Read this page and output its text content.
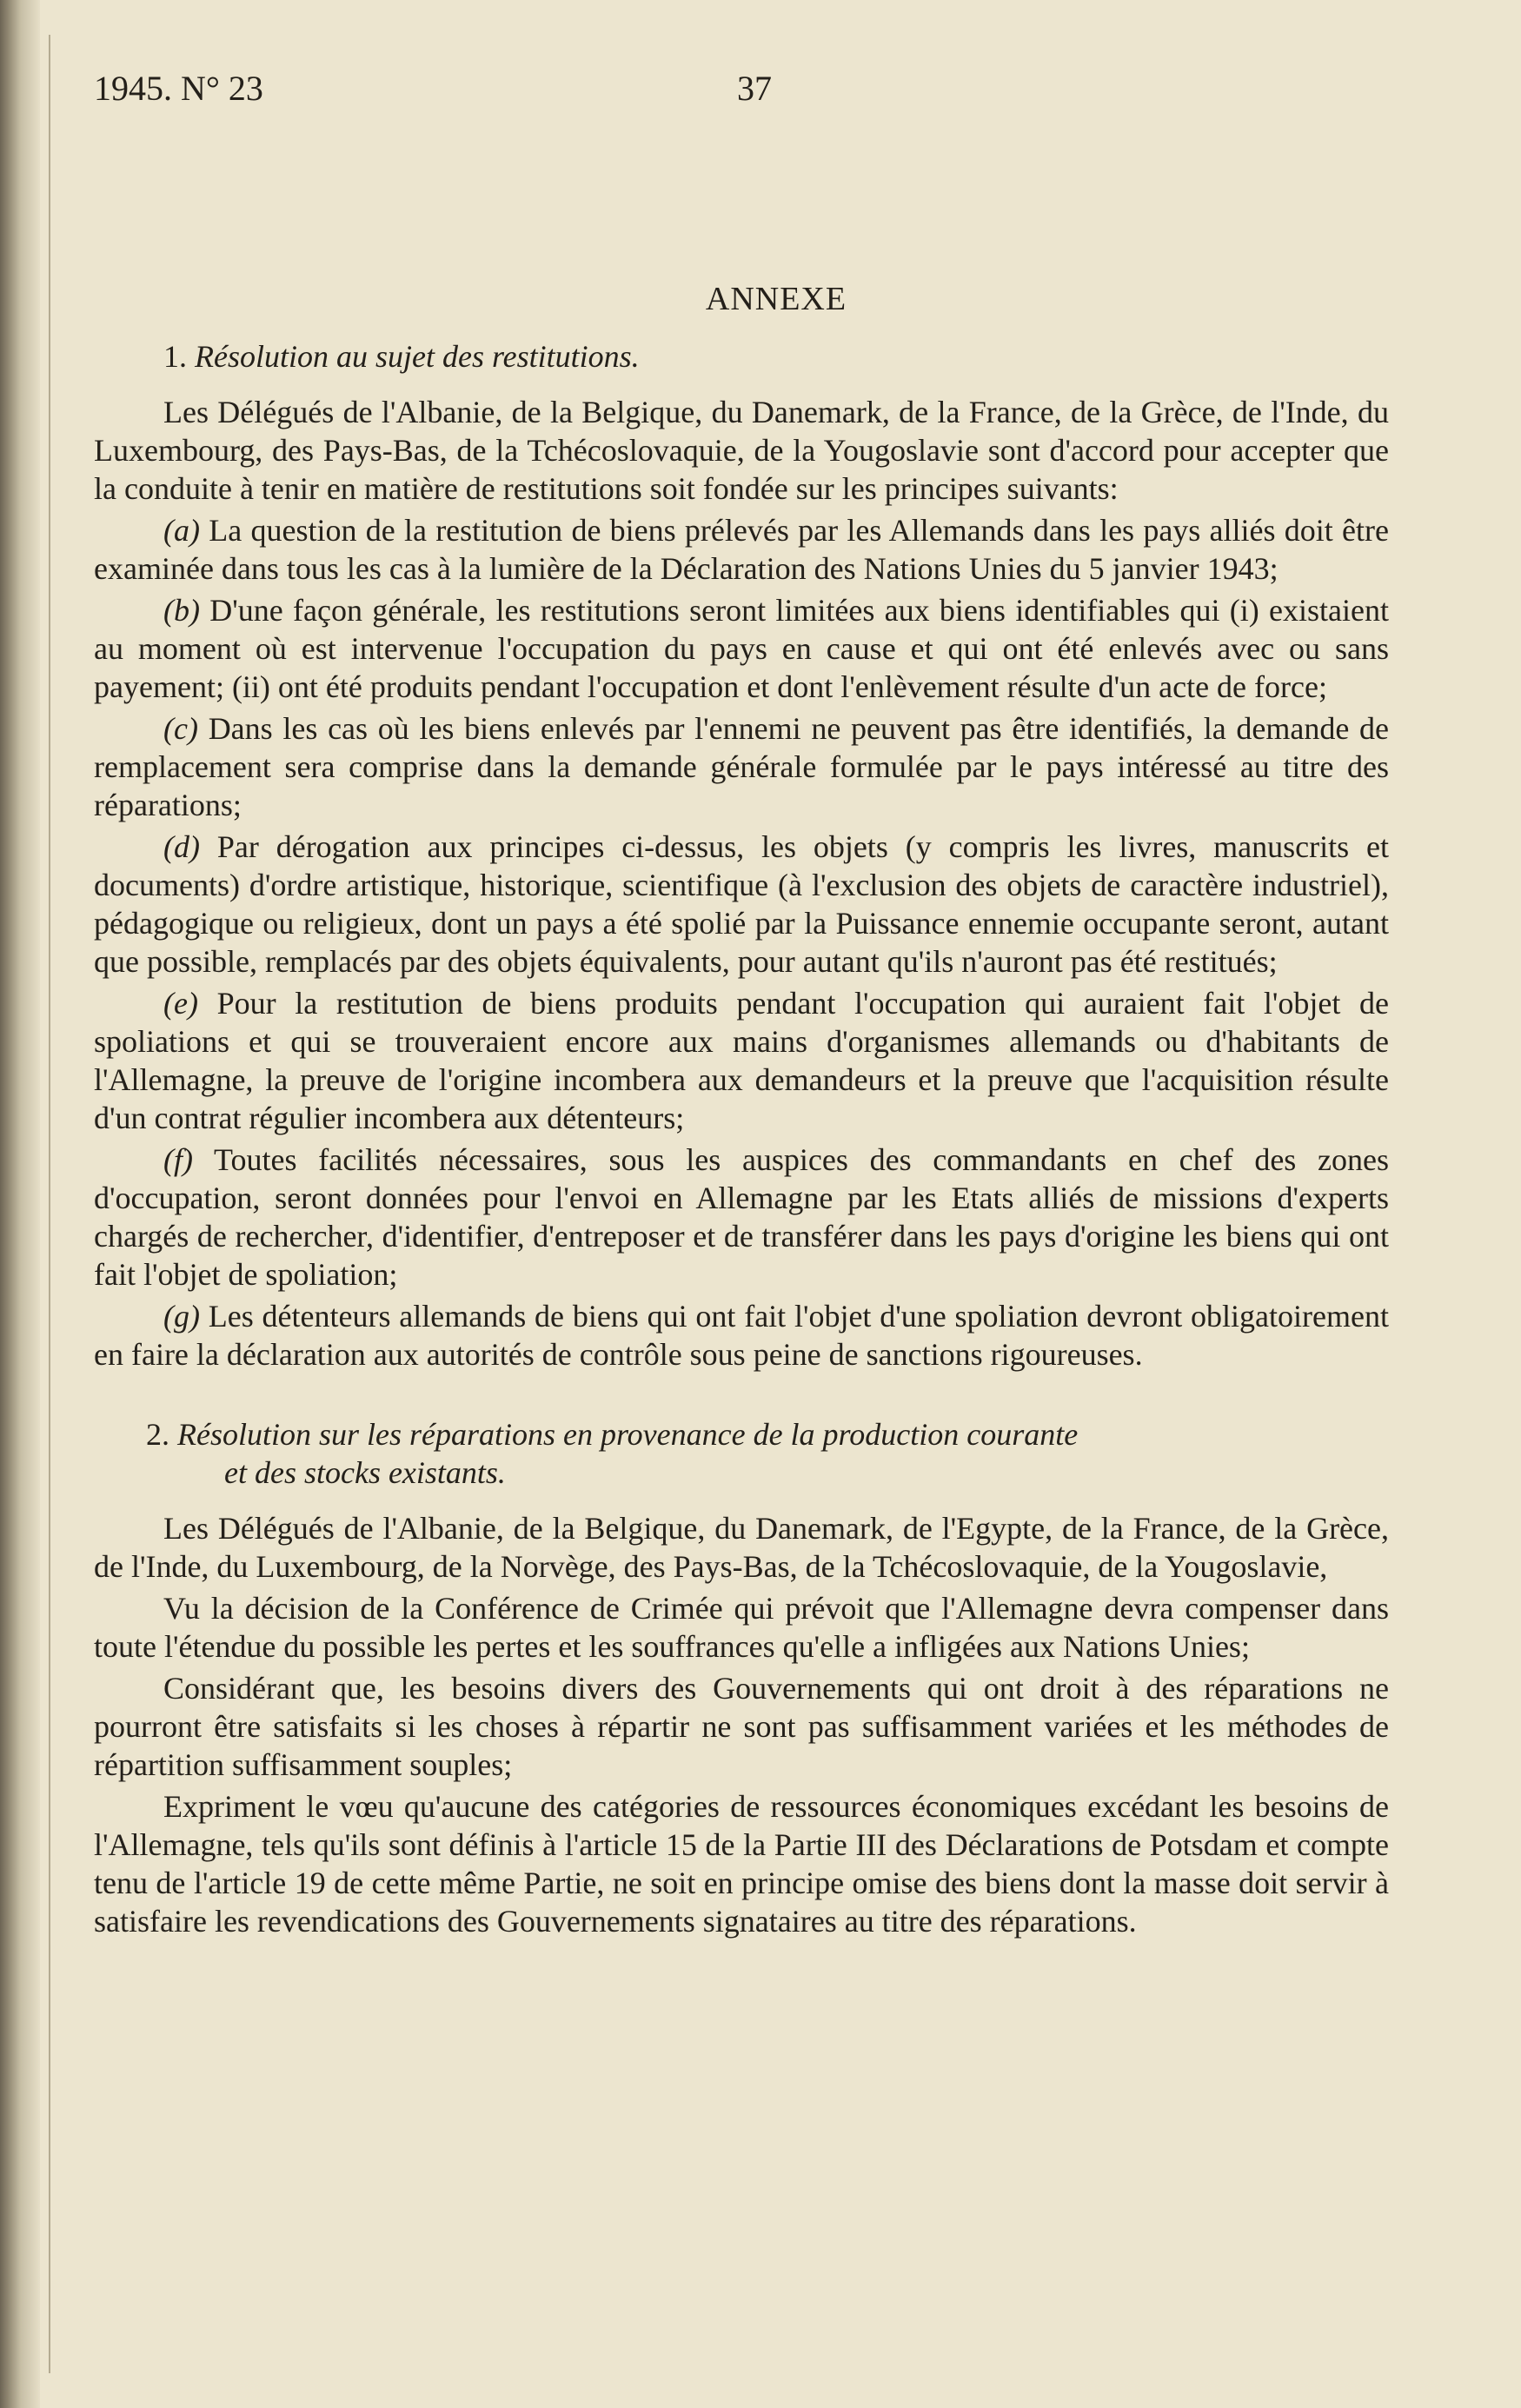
1945. N° 23	37
ANNEXE
1. Résolution au sujet des restitutions.

Les Délégués de l'Albanie, de la Belgique, du Danemark, de la France, de la Grèce, de l'Inde, du Luxembourg, des Pays-Bas, de la Tchécoslovaquie, de la Yougoslavie sont d'accord pour accepter que la conduite à tenir en matière de restitutions soit fondée sur les principes suivants:

(a) La question de la restitution de biens prélevés par les Allemands dans les pays alliés doit être examinée dans tous les cas à la lumière de la Déclaration des Nations Unies du 5 janvier 1943;

(b) D'une façon générale, les restitutions seront limitées aux biens identifiables qui (i) existaient au moment où est intervenue l'occupation du pays en cause et qui ont été enlevés avec ou sans payement; (ii) ont été produits pendant l'occupation et dont l'enlèvement résulte d'un acte de force;

(c) Dans les cas où les biens enlevés par l'ennemi ne peuvent pas être identifiés, la demande de remplacement sera comprise dans la demande générale formulée par le pays intéressé au titre des réparations;

(d) Par dérogation aux principes ci-dessus, les objets (y compris les livres, manuscrits et documents) d'ordre artistique, historique, scientifique (à l'exclusion des objets de caractère industriel), pédagogique ou religieux, dont un pays a été spolié par la Puissance ennemie occupante seront, autant que possible, remplacés par des objets équivalents, pour autant qu'ils n'auront pas été restitués;

(e) Pour la restitution de biens produits pendant l'occupation qui auraient fait l'objet de spoliations et qui se trouveraient encore aux mains d'organismes allemands ou d'habitants de l'Allemagne, la preuve de l'origine incombera aux demandeurs et la preuve que l'acquisition résulte d'un contrat régulier incombera aux détenteurs;

(f) Toutes facilités nécessaires, sous les auspices des commandants en chef des zones d'occupation, seront données pour l'envoi en Allemagne par les Etats alliés de missions d'experts chargés de rechercher, d'identifier, d'entreposer et de transférer dans les pays d'origine les biens qui ont fait l'objet de spoliation;

(g) Les détenteurs allemands de biens qui ont fait l'objet d'une spoliation devront obligatoirement en faire la déclaration aux autorités de contrôle sous peine de sanctions rigoureuses.

2. Résolution sur les réparations en provenance de la production courante
et des stocks existants.

Les Délégués de l'Albanie, de la Belgique, du Danemark, de l'Egypte, de la France, de la Grèce, de l'Inde, du Luxembourg, de la Norvège, des Pays-Bas, de la Tchécoslovaquie, de la Yougoslavie,

Vu la décision de la Conférence de Crimée qui prévoit que l'Allemagne devra compenser dans toute l'étendue du possible les pertes et les souffrances qu'elle a infligées aux Nations Unies;

Considérant que, les besoins divers des Gouvernements qui ont droit à des réparations ne pourront être satisfaits si les choses à répartir ne sont pas suffisamment variées et les méthodes de répartition suffisamment souples;

Expriment le vœu qu'aucune des catégories de ressources économiques excédant les besoins de l'Allemagne, tels qu'ils sont définis à l'article 15 de la Partie III des Déclarations de Potsdam et compte tenu de l'article 19 de cette même Partie, ne soit en principe omise des biens dont la masse doit servir à satisfaire les revendications des Gouvernements signataires au titre des réparations.
